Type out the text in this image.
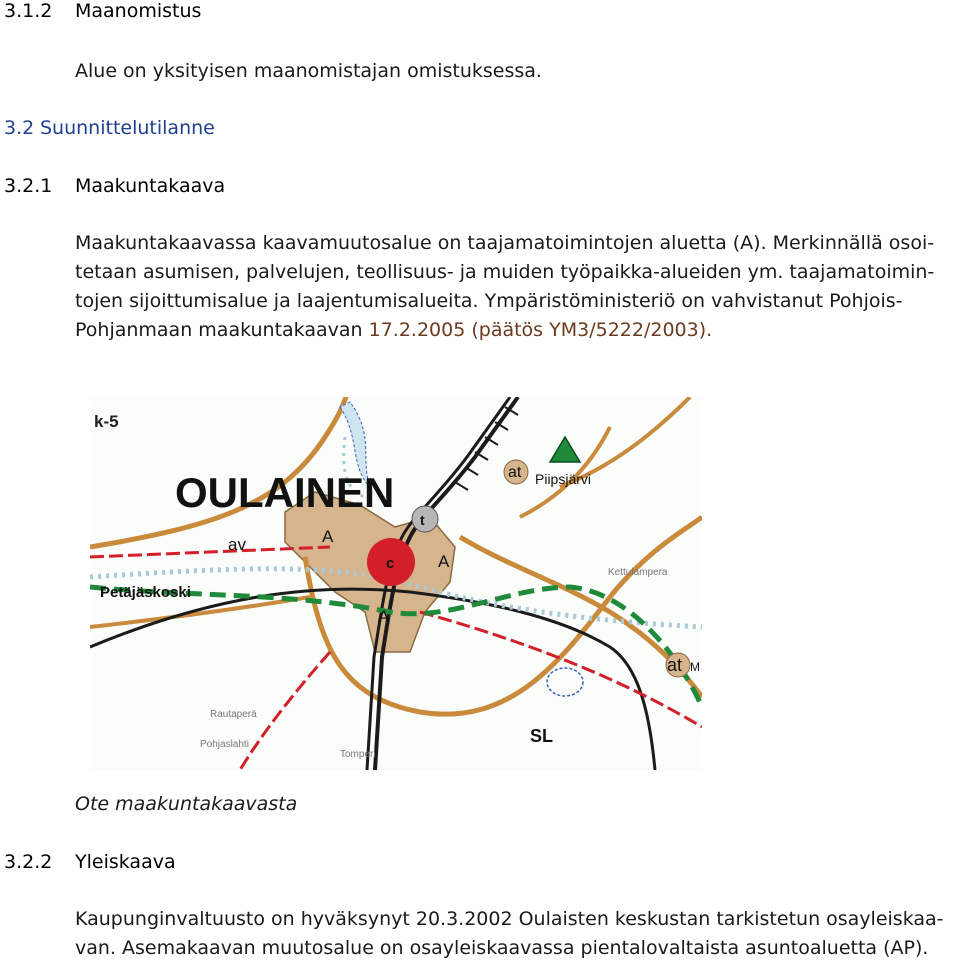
3.1.2 Maanomistus
Alue on yksityisen maanomistajan omistuksessa.
3.2 Suunnittelutilanne
3.2.1 Maakuntakaava
Maakuntakaavassa kaavamuutosalue on taajamatoimintojen aluetta (A). Merkinnällä osoi-
tetaan asumisen, palvelujen, teollisuus- ja muiden työpaikka-alueiden ym. taajamatoimin-
tojen sijoittumisalue ja laajentumisalueita. Ympäristöministeriö on vahvistanut Pohjois-
Pohjanmaan maakuntakaavan 17.2.2005 (päätös YM3/5222/2003).
k-5
OULAINEN	at Piipsjärvi
t
c
A
A
A
av
Petäjäskoski
at M
SL
Kettulampera
Rautaperä
Pohjaslahti
Tomperi
Ote maakuntakaavasta
3.2.2 Yleiskaava
Kaupunginvaltuusto on hyväksynyt 20.3.2002 Oulaisten keskustan tarkistetun osayleiskaa-
van. Asemakaavan muutosalue on osayleiskaavassa pientalovaltaista asuntoaluetta (AP).
